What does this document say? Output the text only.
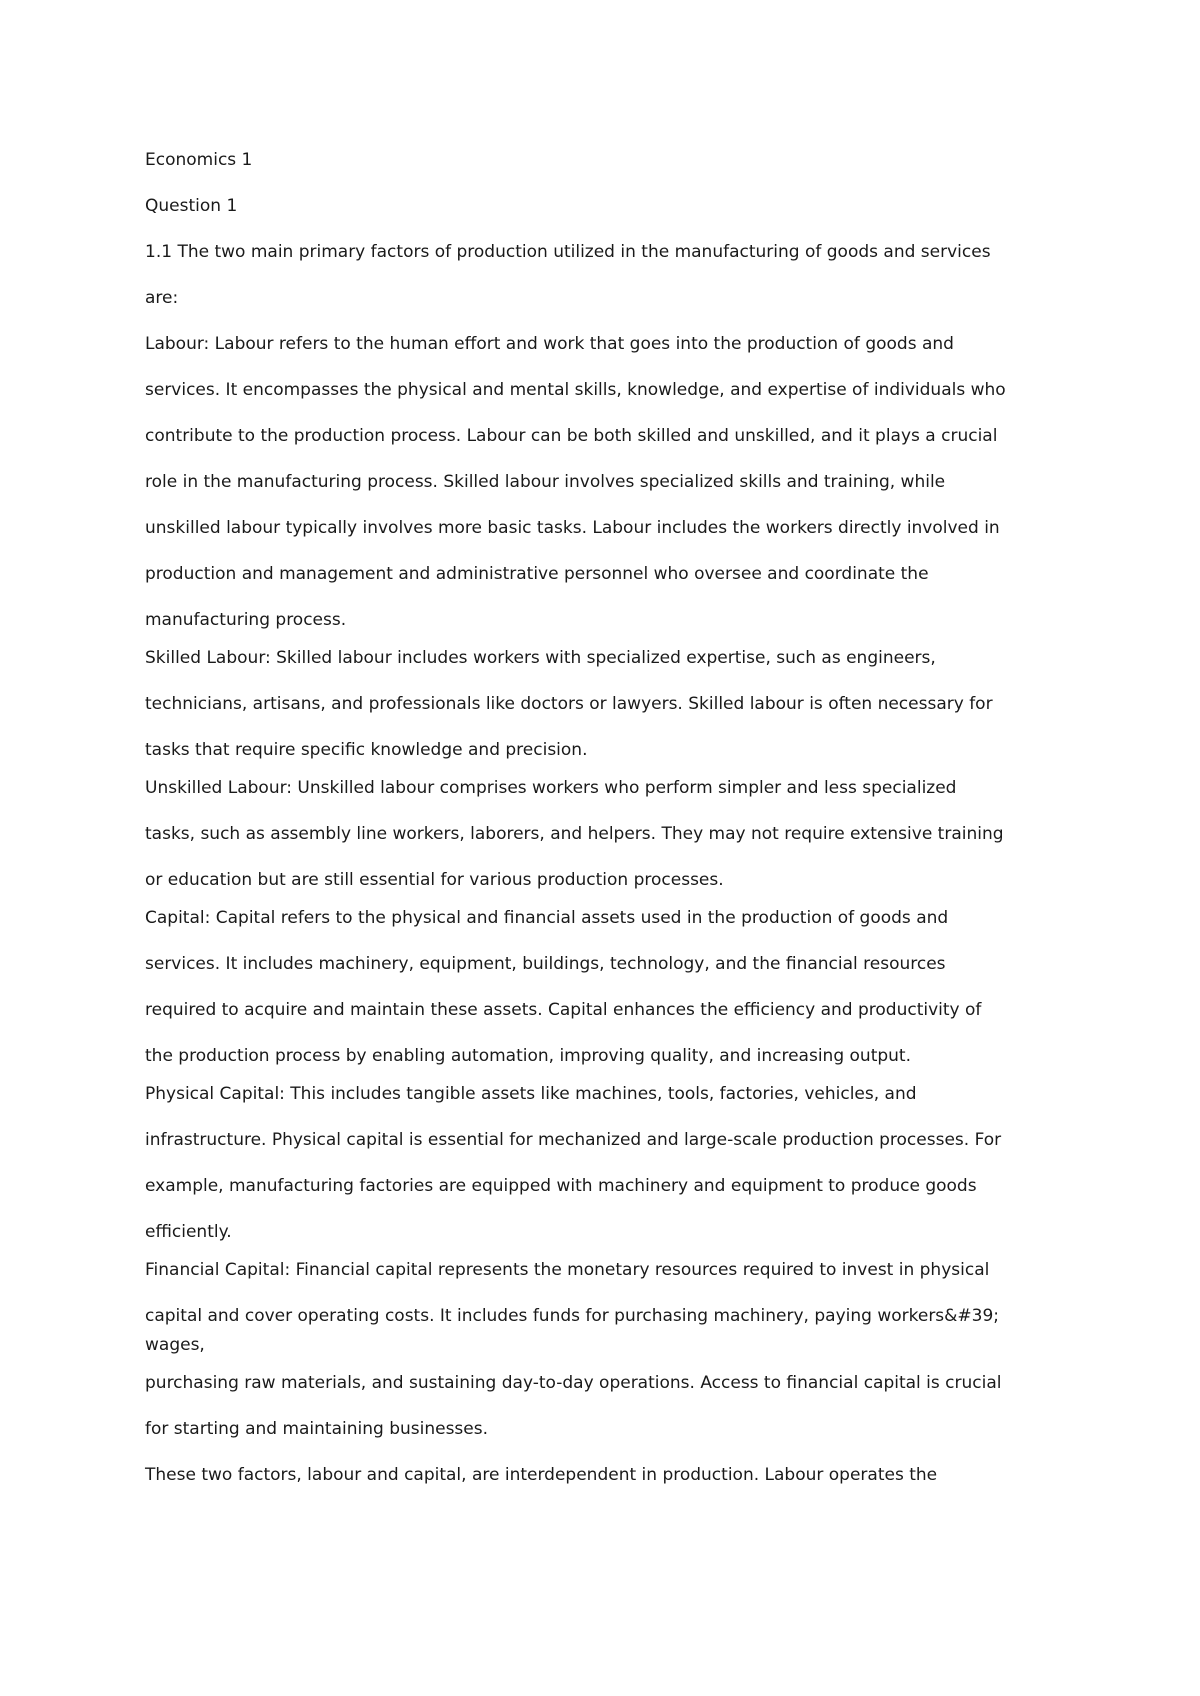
Economics 1
Question 1
1.1 The two main primary factors of production utilized in the manufacturing of goods and services
are:
Labour: Labour refers to the human effort and work that goes into the production of goods and
services. It encompasses the physical and mental skills, knowledge, and expertise of individuals who
contribute to the production process. Labour can be both skilled and unskilled, and it plays a crucial
role in the manufacturing process. Skilled labour involves specialized skills and training, while
unskilled labour typically involves more basic tasks. Labour includes the workers directly involved in
production and management and administrative personnel who oversee and coordinate the
manufacturing process.
Skilled Labour: Skilled labour includes workers with specialized expertise, such as engineers,
technicians, artisans, and professionals like doctors or lawyers. Skilled labour is often necessary for
tasks that require specific knowledge and precision.
Unskilled Labour: Unskilled labour comprises workers who perform simpler and less specialized
tasks, such as assembly line workers, laborers, and helpers. They may not require extensive training
or education but are still essential for various production processes.
Capital: Capital refers to the physical and financial assets used in the production of goods and
services. It includes machinery, equipment, buildings, technology, and the financial resources
required to acquire and maintain these assets. Capital enhances the efficiency and productivity of
the production process by enabling automation, improving quality, and increasing output.
Physical Capital: This includes tangible assets like machines, tools, factories, vehicles, and
infrastructure. Physical capital is essential for mechanized and large-scale production processes. For
example, manufacturing factories are equipped with machinery and equipment to produce goods
efficiently.
Financial Capital: Financial capital represents the monetary resources required to invest in physical
capital and cover operating costs. It includes funds for purchasing machinery, paying workers&#39;
wages,
purchasing raw materials, and sustaining day-to-day operations. Access to financial capital is crucial
for starting and maintaining businesses.
These two factors, labour and capital, are interdependent in production. Labour operates the
